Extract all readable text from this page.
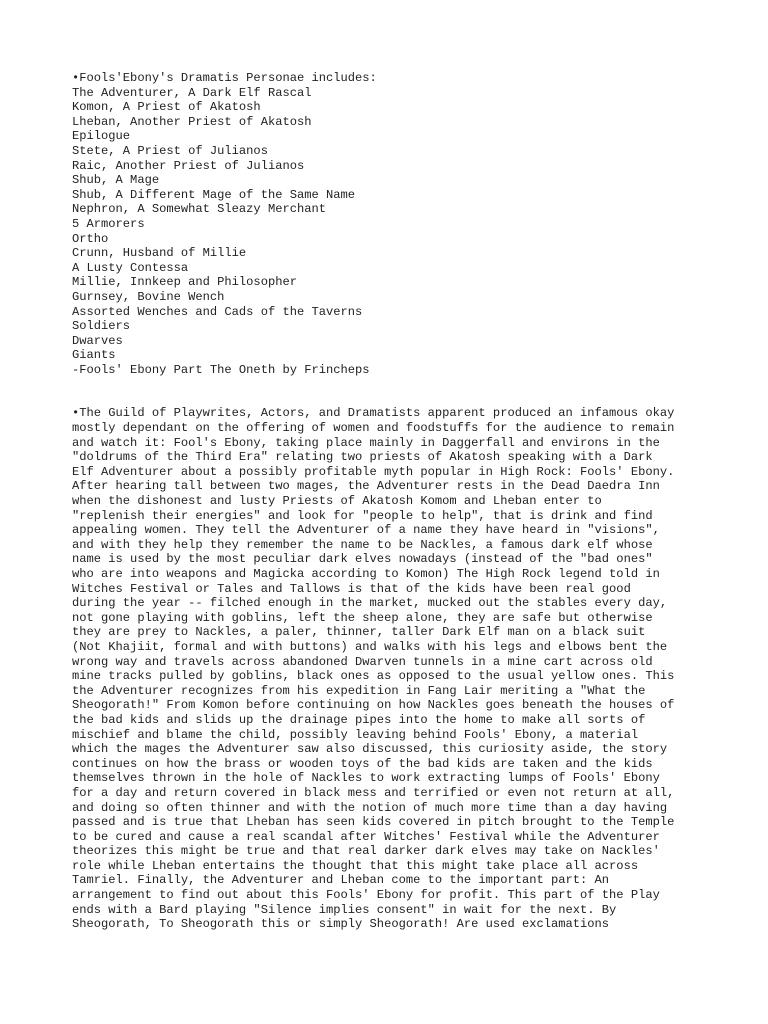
•Fools'Ebony's Dramatis Personae includes:
The Adventurer, A Dark Elf Rascal
Komon, A Priest of Akatosh
Lheban, Another Priest of Akatosh
Epilogue
Stete, A Priest of Julianos
Raic, Another Priest of Julianos
Shub, A Mage
Shub, A Different Mage of the Same Name
Nephron, A Somewhat Sleazy Merchant
5 Armorers
Ortho
Crunn, Husband of Millie
A Lusty Contessa
Millie, Innkeep and Philosopher
Gurnsey, Bovine Wench
Assorted Wenches and Cads of the Taverns
Soldiers
Dwarves
Giants
-Fools' Ebony Part The Oneth by Frincheps
•The Guild of Playwrites, Actors, and Dramatists apparent produced an infamous okay
mostly dependant on the offering of women and foodstuffs for the audience to remain
and watch it: Fool's Ebony, taking place mainly in Daggerfall and environs in the
"doldrums of the Third Era" relating two priests of Akatosh speaking with a Dark
Elf Adventurer about a possibly profitable myth popular in High Rock: Fools' Ebony.
After hearing tall between two mages, the Adventurer rests in the Dead Daedra Inn
when the dishonest and lusty Priests of Akatosh Komom and Lheban enter to
"replenish their energies" and look for "people to help", that is drink and find
appealing women. They tell the Adventurer of a name they have heard in "visions",
and with they help they remember the name to be Nackles, a famous dark elf whose
name is used by the most peculiar dark elves nowadays (instead of the "bad ones"
who are into weapons and Magicka according to Komon) The High Rock legend told in
Witches Festival or Tales and Tallows is that of the kids have been real good
during the year -- filched enough in the market, mucked out the stables every day,
not gone playing with goblins, left the sheep alone, they are safe but otherwise
they are prey to Nackles, a paler, thinner, taller Dark Elf man on a black suit
(Not Khajiit, formal and with buttons) and walks with his legs and elbows bent the
wrong way and travels across abandoned Dwarven tunnels in a mine cart across old
mine tracks pulled by goblins, black ones as opposed to the usual yellow ones. This
the Adventurer recognizes from his expedition in Fang Lair meriting a "What the
Sheogorath!" From Komon before continuing on how Nackles goes beneath the houses of
the bad kids and slids up the drainage pipes into the home to make all sorts of
mischief and blame the child, possibly leaving behind Fools' Ebony, a material
which the mages the Adventurer saw also discussed, this curiosity aside, the story
continues on how the brass or wooden toys of the bad kids are taken and the kids
themselves thrown in the hole of Nackles to work extracting lumps of Fools' Ebony
for a day and return covered in black mess and terrified or even not return at all,
and doing so often thinner and with the notion of much more time than a day having
passed and is true that Lheban has seen kids covered in pitch brought to the Temple
to be cured and cause a real scandal after Witches' Festival while the Adventurer
theorizes this might be true and that real darker dark elves may take on Nackles'
role while Lheban entertains the thought that this might take place all across
Tamriel. Finally, the Adventurer and Lheban come to the important part: An
arrangement to find out about this Fools' Ebony for profit. This part of the Play
ends with a Bard playing "Silence implies consent" in wait for the next. By
Sheogorath, To Sheogorath this or simply Sheogorath! Are used exclamations
